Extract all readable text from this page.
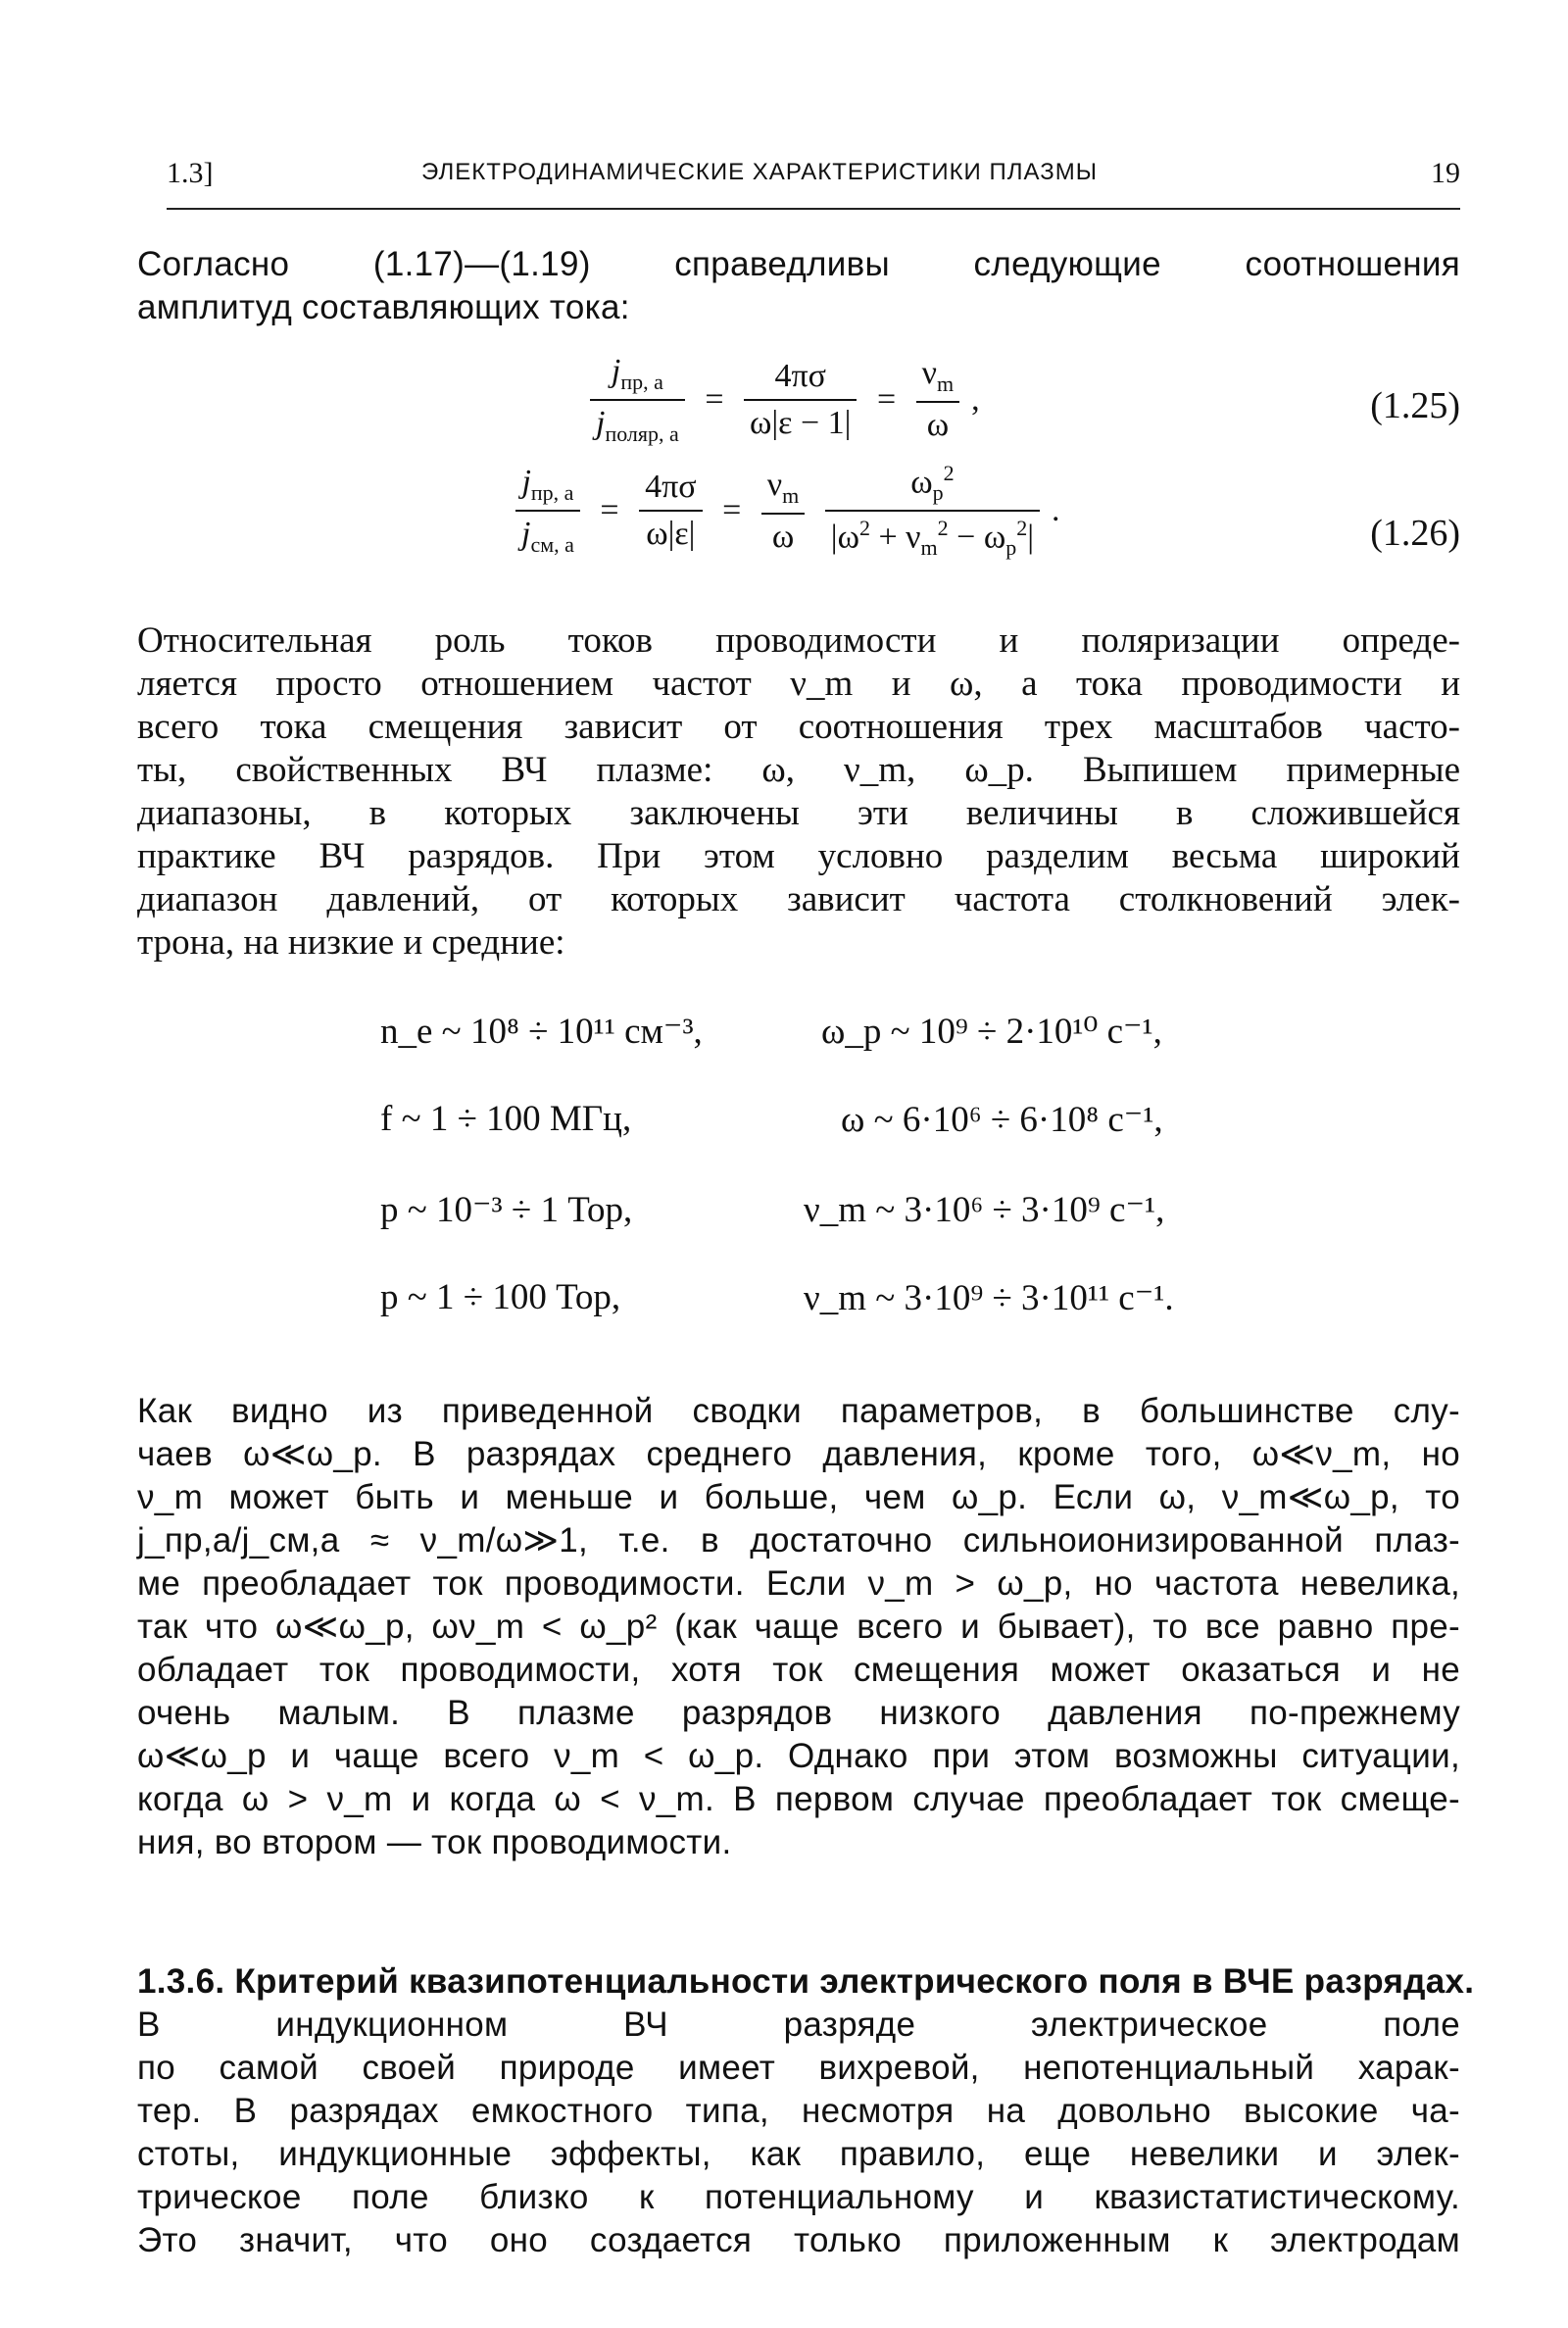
1.3]	ЭЛЕКТРОДИНАМИЧЕСКИЕ ХАРАКТЕРИСТИКИ ПЛАЗМЫ	19
Согласно (1.17)—(1.19) справедливы следующие соотношения
амплитуд составляющих тока:
$\frac{j_{пр, а}}{j_{поляр, а}} = \frac{4\pi\sigma}{\omega|\varepsilon - 1|} = \frac{\nu_m}{\omega}$ ,	(1.25)
$\frac{j_{пр, а}}{j_{см, а}} = \frac{4\pi\sigma}{\omega|\varepsilon|} = \frac{\nu_m}{\omega}$
$\frac{\omega_p^2}{|\omega^2 + \nu_m^2 - \omega_p^2|}$ .
(1.26)
Относительная роль токов проводимости и поляризации опреде-
ляется просто отношением частот ν_m и ω, а тока проводимости и
всего тока смещения зависит от соотношения трех масштабов часто-
ты, свойственных ВЧ плазме: ω, ν_m, ω_p. Выпишем примерные
диапазоны, в которых заключены эти величины в сложившейся
практике ВЧ разрядов. При этом условно разделим весьма широкий
диапазон давлений, от которых зависит частота столкновений элек-
трона, на низкие и средние:
n_e ~ 10⁸ ÷ 10¹¹ см⁻³,	ω_p ~ 10⁹ ÷ 2·10¹⁰ с⁻¹,
f ~ 1 ÷ 100 МГц,	ω ~ 6·10⁶ ÷ 6·10⁸ с⁻¹,
p ~ 10⁻³ ÷ 1 Тор,	ν_m ~ 3·10⁶ ÷ 3·10⁹ с⁻¹,
p ~ 1 ÷ 100 Тор,	ν_m ~ 3·10⁹ ÷ 3·10¹¹ с⁻¹.
Как видно из приведенной сводки параметров, в большинстве слу-
чаев ω≪ω_p. В разрядах среднего давления, кроме того, ω≪ν_m, но
ν_m может быть и меньше и больше, чем ω_p. Если ω, ν_m≪ω_p, то
j_пр,а/j_см,а ≈ ν_m/ω≫1, т.е. в достаточно сильноионизированной плаз-
ме преобладает ток проводимости. Если ν_m > ω_p, но частота невелика,
так что ω≪ω_p, ων_m < ω_p² (как чаще всего и бывает), то все равно пре-
обладает ток проводимости, хотя ток смещения может оказаться и не
очень малым. В плазме разрядов низкого давления по-прежнему
ω≪ω_p и чаще всего ν_m < ω_p. Однако при этом возможны ситуации,
когда ω > ν_m и когда ω < ν_m. В первом случае преобладает ток смеще-
ния, во втором — ток проводимости.
1.3.6. Критерий квазипотенциальности электрического поля в ВЧЕ разрядах.
В индукционном ВЧ разряде электрическое поле
по самой своей природе имеет вихревой, непотенциальный харак-
тер. В разрядах емкостного типа, несмотря на довольно высокие ча-
стоты, индукционные эффекты, как правило, еще невелики и элек-
трическое поле близко к потенциальному и квазистатистическому.
Это значит, что оно создается только приложенным к электродам
